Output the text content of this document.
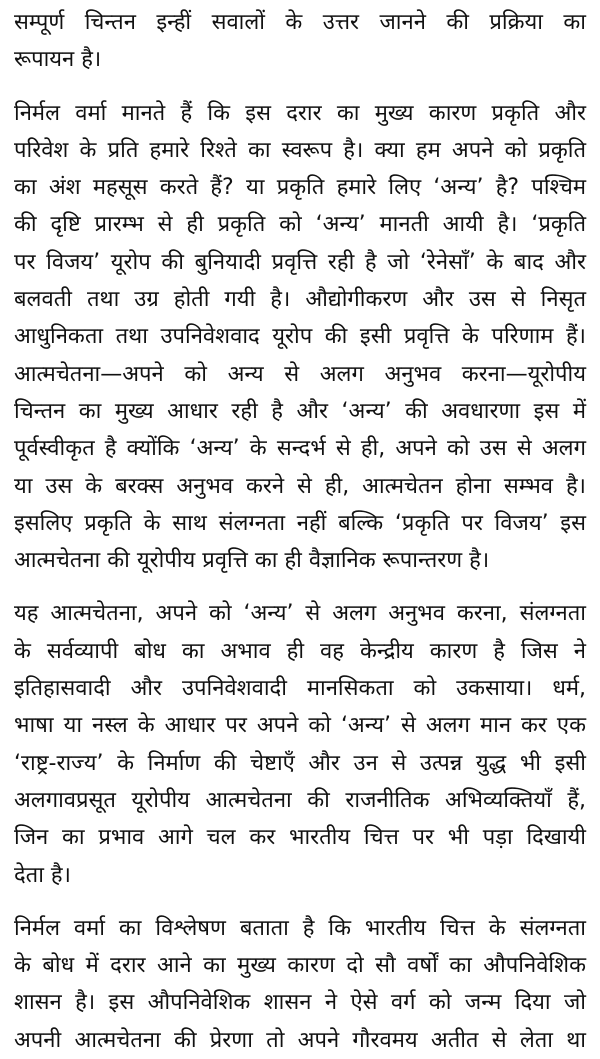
सम्पूर्ण चिन्तन इन्हीं सवालों के उत्तर जानने की प्रक्रिया का
रूपायन है।

निर्मल वर्मा मानते हैं कि इस दरार का मुख्य कारण प्रकृति और
परिवेश के प्रति हमारे रिश्ते का स्वरूप है। क्या हम अपने को प्रकृति
का अंश महसूस करते हैं? या प्रकृति हमारे लिए ‘अन्य’ है? पश्चिम
की दृष्टि प्रारम्भ से ही प्रकृति को ‘अन्य’ मानती आयी है। ‘प्रकृति
पर विजय’ यूरोप की बुनियादी प्रवृत्ति रही है जो ‘रेनेसाँ’ के बाद और
बलवती तथा उग्र होती गयी है। औद्योगीकरण और उस से निसृत
आधुनिकता तथा उपनिवेशवाद यूरोप की इसी प्रवृत्ति के परिणाम हैं।
आत्मचेतना—अपने को अन्य से अलग अनुभव करना—यूरोपीय
चिन्तन का मुख्य आधार रही है और ‘अन्य’ की अवधारणा इस में
पूर्वस्वीकृत है क्योंकि ‘अन्य’ के सन्दर्भ से ही, अपने को उस से अलग
या उस के बरक्स अनुभव करने से ही, आत्मचेतन होना सम्भव है।
इसलिए प्रकृति के साथ संलग्नता नहीं बल्कि ‘प्रकृति पर विजय’ इस
आत्मचेतना की यूरोपीय प्रवृत्ति का ही वैज्ञानिक रूपान्तरण है।

यह आत्मचेतना, अपने को ‘अन्य’ से अलग अनुभव करना, संलग्नता
के सर्वव्यापी बोध का अभाव ही वह केन्द्रीय कारण है जिस ने
इतिहासवादी और उपनिवेशवादी मानसिकता को उकसाया। धर्म,
भाषा या नस्ल के आधार पर अपने को ‘अन्य’ से अलग मान कर एक
‘राष्ट्र-राज्य’ के निर्माण की चेष्टाएँ और उन से उत्पन्न युद्ध भी इसी
अलगावप्रसूत यूरोपीय आत्मचेतना की राजनीतिक अभिव्यक्तियाँ हैं,
जिन का प्रभाव आगे चल कर भारतीय चित्त पर भी पड़ा दिखायी
देता है।

निर्मल वर्मा का विश्लेषण बताता है कि भारतीय चित्त के संलग्नता
के बोध में दरार आने का मुख्य कारण दो सौ वर्षों का औपनिवेशिक
शासन है। इस औपनिवेशिक शासन ने ऐसे वर्ग को जन्म दिया जो
अपनी आत्मचेतना की प्रेरणा तो अपने गौरवमय अतीत से लेता था
